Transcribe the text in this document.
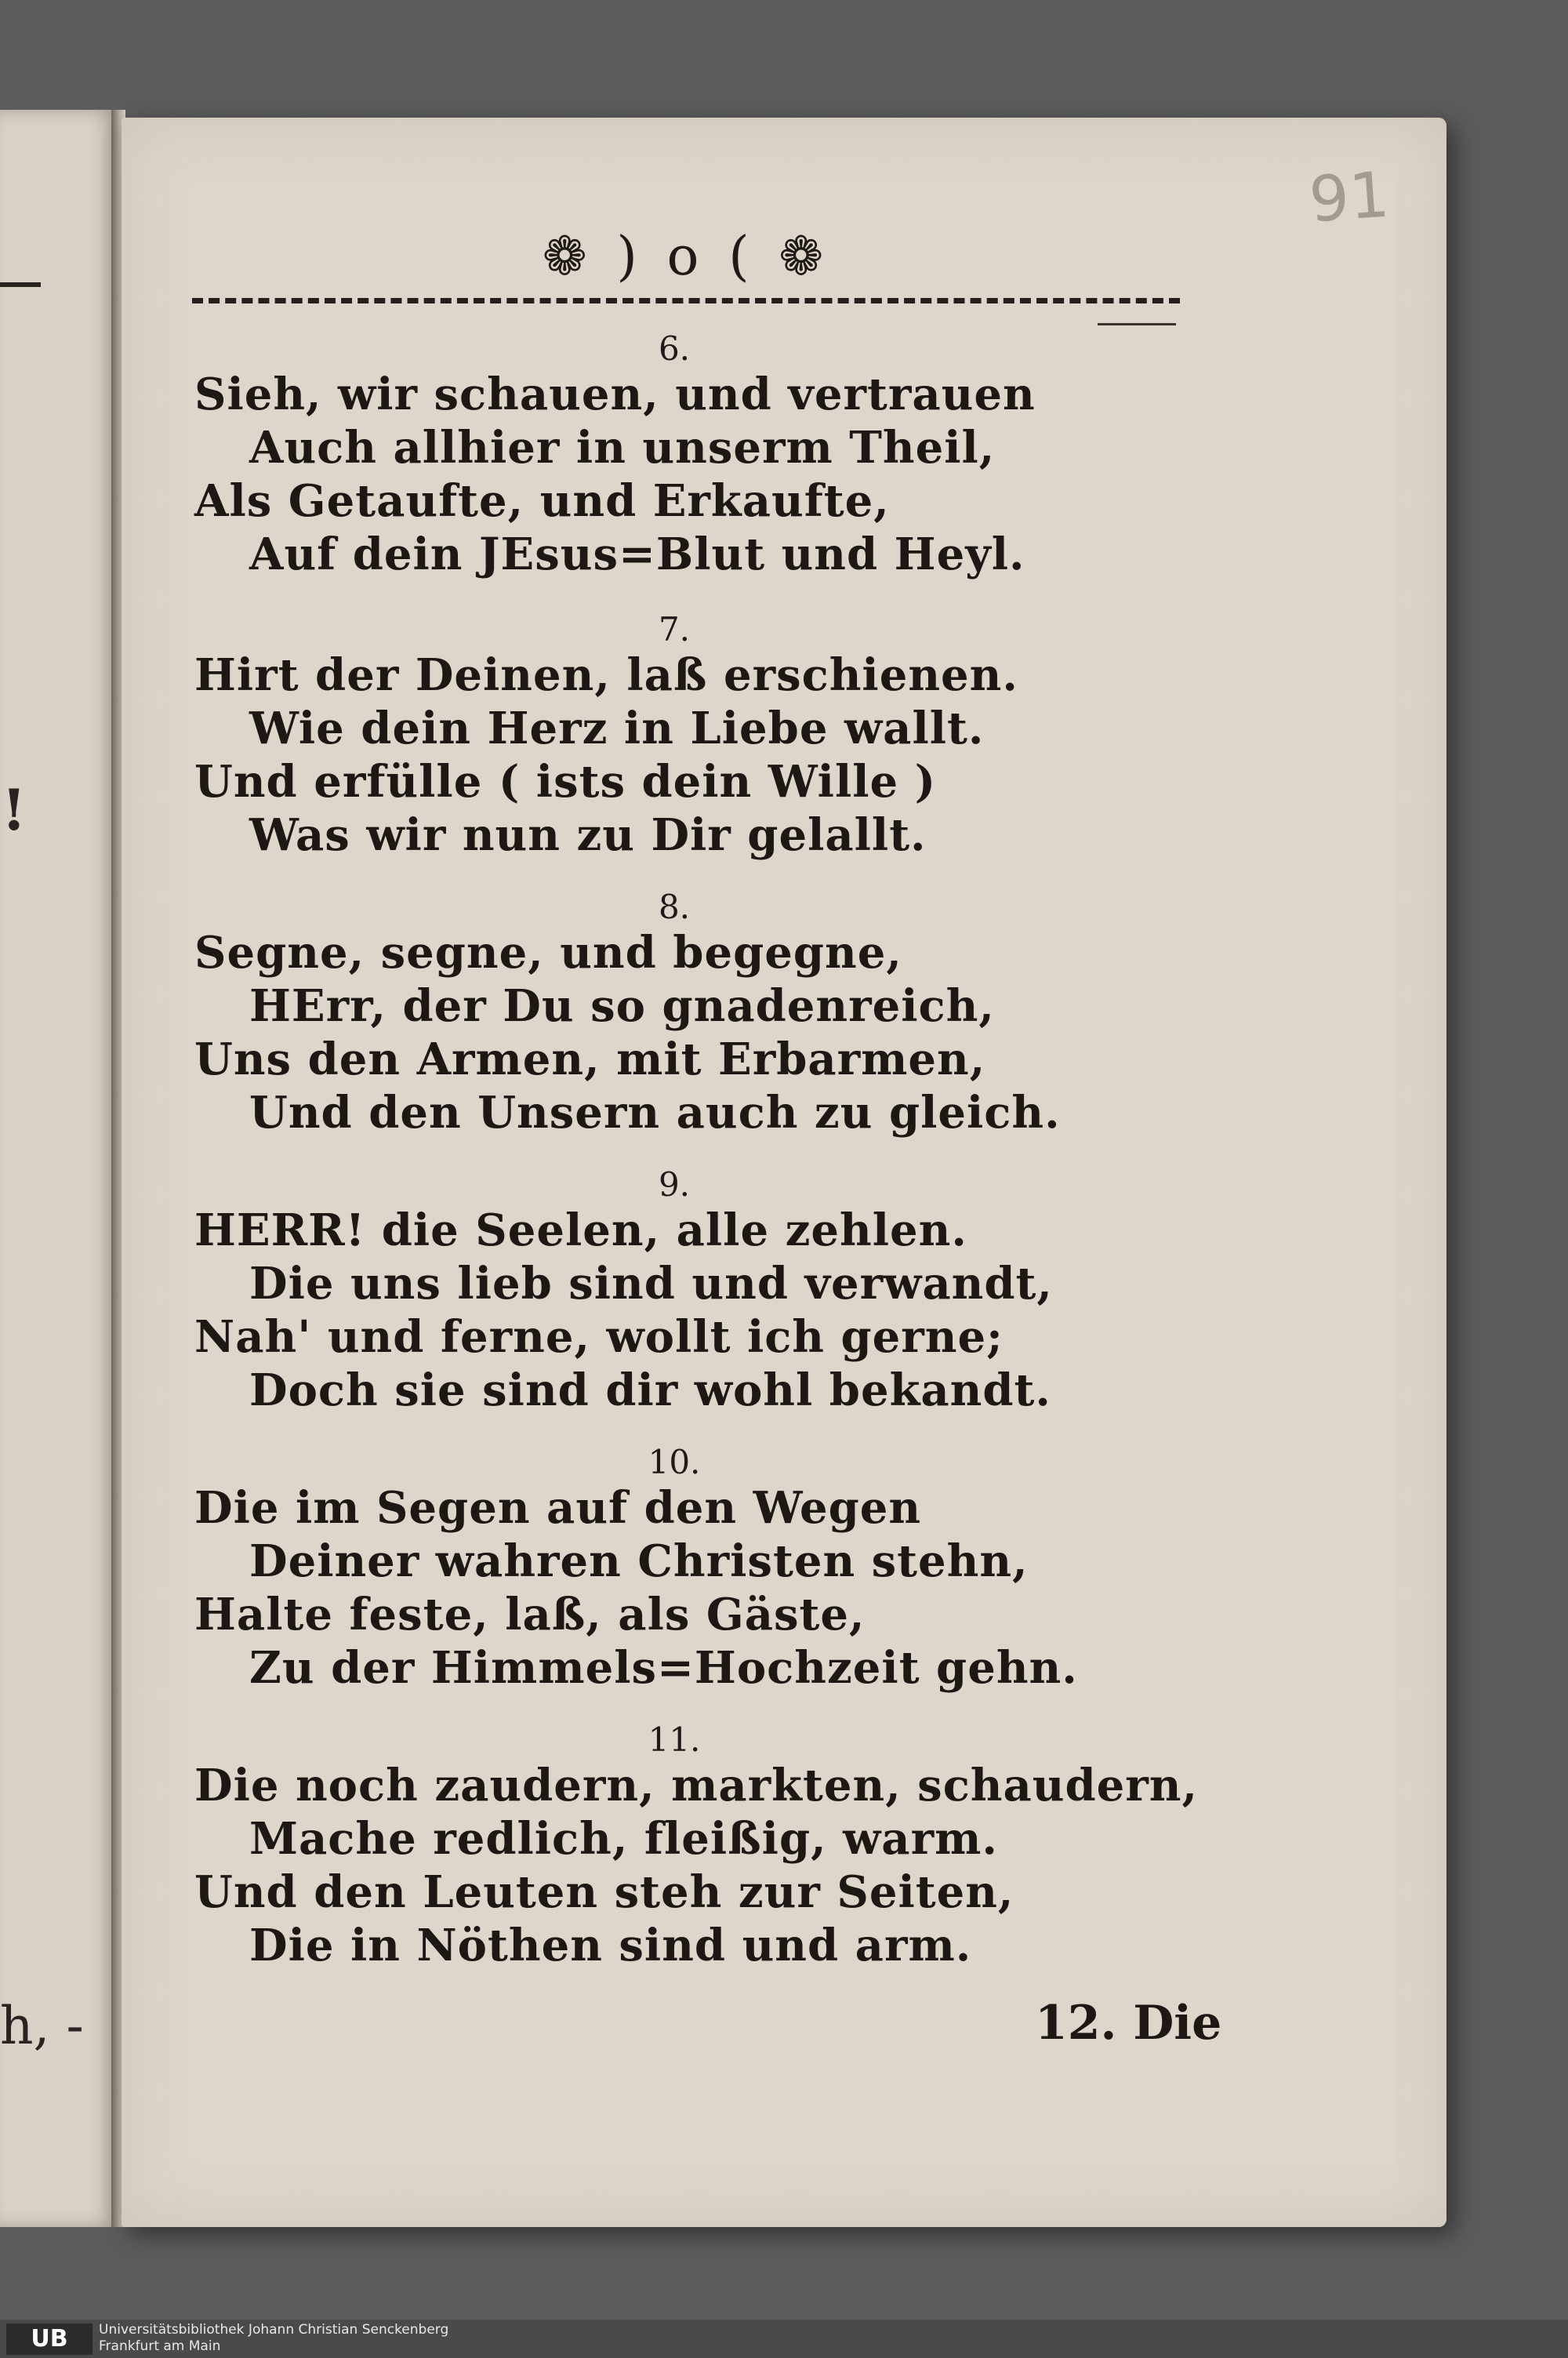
!
h, -
91
❁ ) o ( ❁
6.
Sieh, wir schauen, und vertrauen
Auch allhier in unserm Theil,
Als Getaufte, und Erkaufte,
Auf dein JEsus=Blut und Heyl.
7.
Hirt der Deinen, laß erschienen.
Wie dein Herz in Liebe wallt.
Und erfülle ( ists dein Wille )
Was wir nun zu Dir gelallt.
8.
Segne, segne, und begegne,
HErr, der Du so gnadenreich,
Uns den Armen, mit Erbarmen,
Und den Unsern auch zu gleich.
9.
HERR! die Seelen, alle zehlen.
Die uns lieb sind und verwandt,
Nah' und ferne, wollt ich gerne;
Doch sie sind dir wohl bekandt.
10.
Die im Segen auf den Wegen
Deiner wahren Christen stehn,
Halte feste, laß, als Gäste,
Zu der Himmels=Hochzeit gehn.
11.
Die noch zaudern, markten, schaudern,
Mache redlich, fleißig, warm.
Und den Leuten steh zur Seiten,
Die in Nöthen sind und arm.
12. Die
UB	Universitätsbibliothek Johann Christian Senckenberg
Frankfurt am Main
